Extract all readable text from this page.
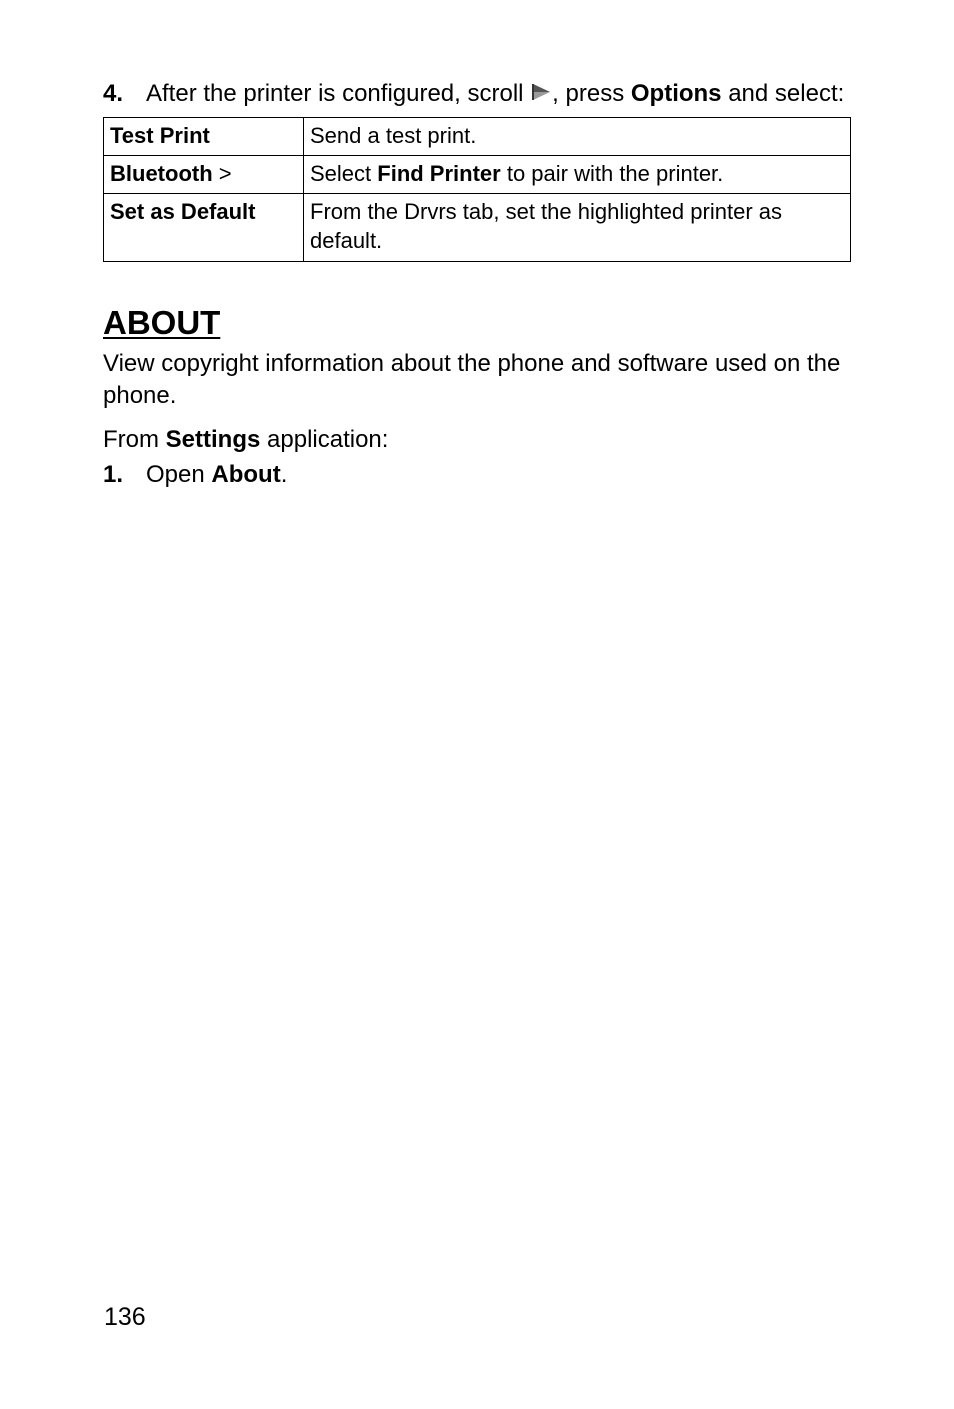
4. After the printer is configured, scroll , press Options and select:
Test Print	Send a test print.
Bluetooth >	Select Find Printer to pair with the printer.
Set as Default	From the Drvrs tab, set the highlighted printer as default.
ABOUT

View copyright information about the phone and software used on the phone.

From Settings application:

1. Open About.
136
